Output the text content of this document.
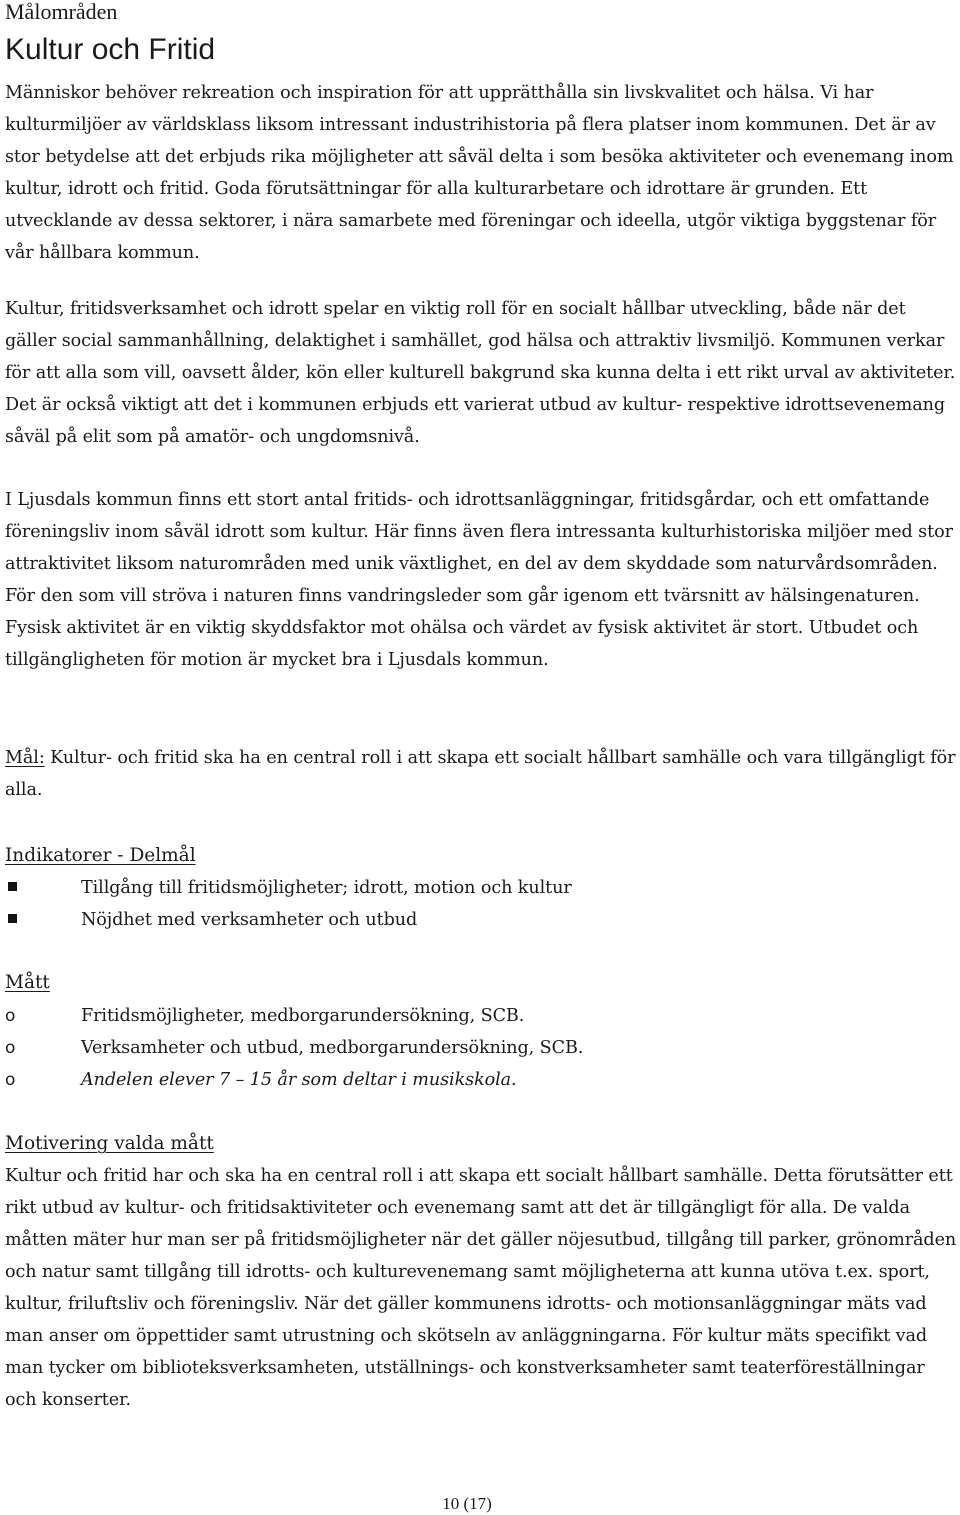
Målområden

Kultur och Fritid

Människor behöver rekreation och inspiration för att upprätthålla sin livskvalitet och hälsa. Vi har kulturmiljöer av världsklass liksom intressant industrihistoria på flera platser inom kommunen. Det är av stor betydelse att det erbjuds rika möjligheter att såväl delta i som besöka aktiviteter och evenemang inom kultur, idrott och fritid. Goda förutsättningar för alla kulturarbetare och idrottare är grunden. Ett utvecklande av dessa sektorer, i nära samarbete med föreningar och ideella, utgör viktiga byggstenar för vår hållbara kommun.

Kultur, fritidsverksamhet och idrott spelar en viktig roll för en socialt hållbar utveckling, både när det gäller social sammanhållning, delaktighet i samhället, god hälsa och attraktiv livsmiljö. Kommunen verkar för att alla som vill, oavsett ålder, kön eller kulturell bakgrund ska kunna delta i ett rikt urval av aktiviteter. Det är också viktigt att det i kommunen erbjuds ett varierat utbud av kultur- respektive idrottsevenemang såväl på elit som på amatör- och ungdomsnivå.

I Ljusdals kommun finns ett stort antal fritids- och idrottsanläggningar, fritidsgårdar, och ett omfattande föreningsliv inom såväl idrott som kultur. Här finns även flera intressanta kulturhistoriska miljöer med stor attraktivitet liksom naturområden med unik växtlighet, en del av dem skyddade som naturvårdsområden. För den som vill ströva i naturen finns vandringsleder som går igenom ett tvärsnitt av hälsingenaturen. Fysisk aktivitet är en viktig skyddsfaktor mot ohälsa och värdet av fysisk aktivitet är stort. Utbudet och tillgängligheten för motion är mycket bra i Ljusdals kommun.

Mål: Kultur- och fritid ska ha en central roll i att skapa ett socialt hållbart samhälle och vara tillgängligt för alla.

Indikatorer - Delmål
Tillgång till fritidsmöjligheter; idrott, motion och kultur
Nöjdhet med verksamheter och utbud
Mått
o	Fritidsmöjligheter, medborgarundersökning, SCB.
o	Verksamheter och utbud, medborgarundersökning, SCB.
o	Andelen elever 7 – 15 år som deltar i musikskola.
Motivering valda mått

Kultur och fritid har och ska ha en central roll i att skapa ett socialt hållbart samhälle. Detta förutsätter ett rikt utbud av kultur- och fritidsaktiviteter och evenemang samt att det är tillgängligt för alla. De valda måtten mäter hur man ser på fritidsmöjligheter när det gäller nöjesutbud, tillgång till parker, grönområden och natur samt tillgång till idrotts- och kulturevenemang samt möjligheterna att kunna utöva t.ex. sport, kultur, friluftsliv och föreningsliv. När det gäller kommunens idrotts- och motionsanläggningar mäts vad man anser om öppettider samt utrustning och skötseln av anläggningarna. För kultur mäts specifikt vad man tycker om biblioteksverksamheten, utställnings- och konstverksamheter samt teaterföreställningar och konserter.

10 (17)
